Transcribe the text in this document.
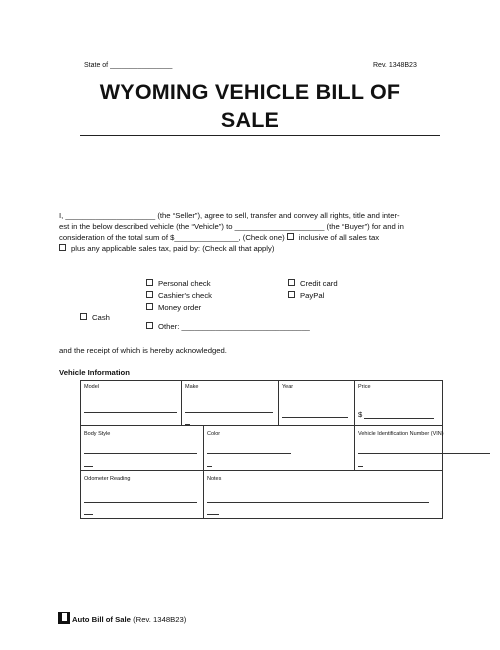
State of ________________	Rev. 1348B23
WYOMING VEHICLE BILL OF
SALE
I, _____________________ (the “Seller”), agree to sell, transfer and convey all rights, title and inter-
est in the below described vehicle (the “Vehicle”) to _____________________ (the “Buyer”) for and in
consideration of the total sum of $_______________, (Check one) inclusive of all sales tax
plus any applicable sales tax, paid by: (Check all that apply)
Personal check
Cashier's check
Money order
Credit card
PayPal
Cash
Other: ______________________________
and the receipt of which is hereby acknowledged.
Vehicle Information
Model	Make		Year	Price
$

Body Style		Color		Vehicle Identification Number (VIN)

Odometer Reading		Notes		
Auto Bill of Sale (Rev. 1348B23)
